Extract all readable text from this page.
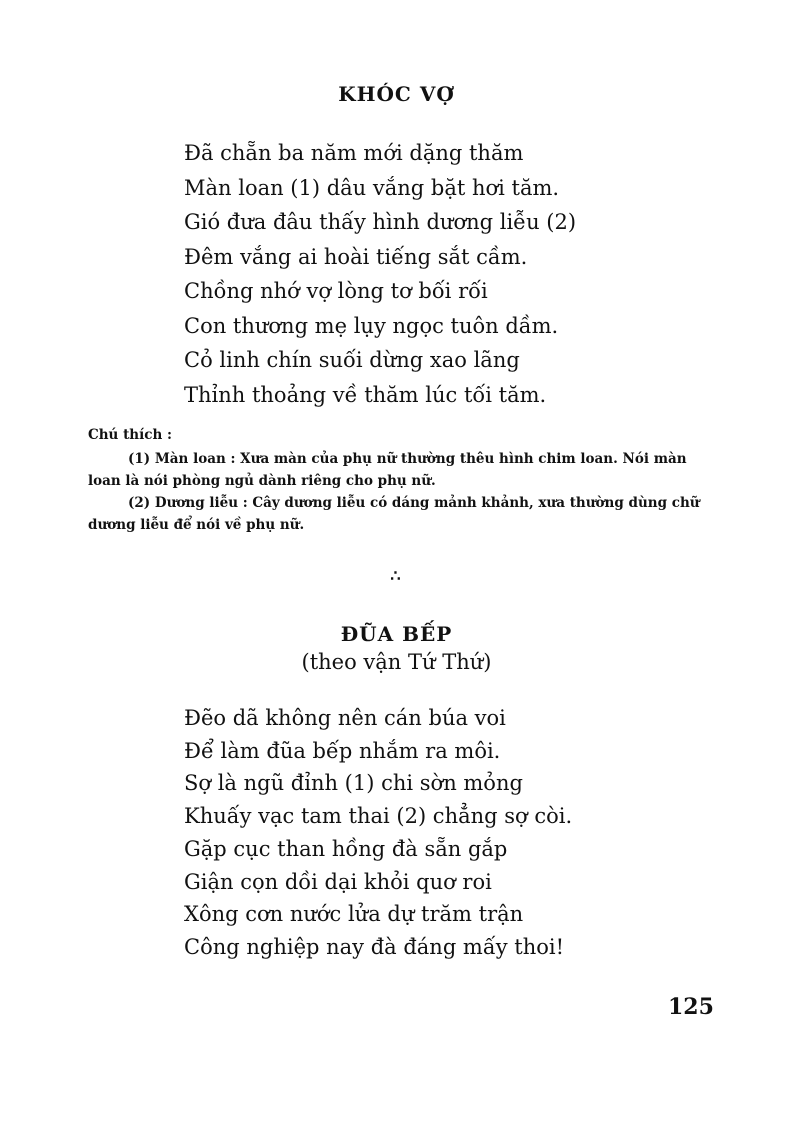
KHÓC VỢ
Đã chẵn ba năm mới dặng thăm
Màn loan (1) dâu vắng bặt hơi tăm.
Gió đưa đâu thấy hình dương liễu (2)
Đêm vắng ai hoài tiếng sắt cầm.
Chồng nhớ vợ lòng tơ bối rối
Con thương mẹ lụy ngọc tuôn dầm.
Cỏ linh chín suối dừng xao lãng
Thỉnh thoảng về thăm lúc tối tăm.

Chú thích :

(1) Màn loan : Xưa màn của phụ nữ thường thêu hình chim loan. Nói màn loan là nói phòng ngủ dành riêng cho phụ nữ.

(2) Dương liễu : Cây dương liễu có dáng mảnh khảnh, xưa thường dùng chữ dương liễu để nói về phụ nữ.

∴
ĐŨA BẾP
(theo vận Tứ Thứ)
Đẽo dã không nên cán búa voi
Để làm đũa bếp nhắm ra môi.
Sợ là ngũ đỉnh (1) chi sờn mỏng
Khuấy vạc tam thai (2) chẳng sợ còi.
Gặp cục than hồng đà sẵn gắp
Giận cọn dồi dại khỏi quơ roi
Xông cơn nước lửa dự trăm trận
Công nghiệp nay đà đáng mấy thoi!
125
